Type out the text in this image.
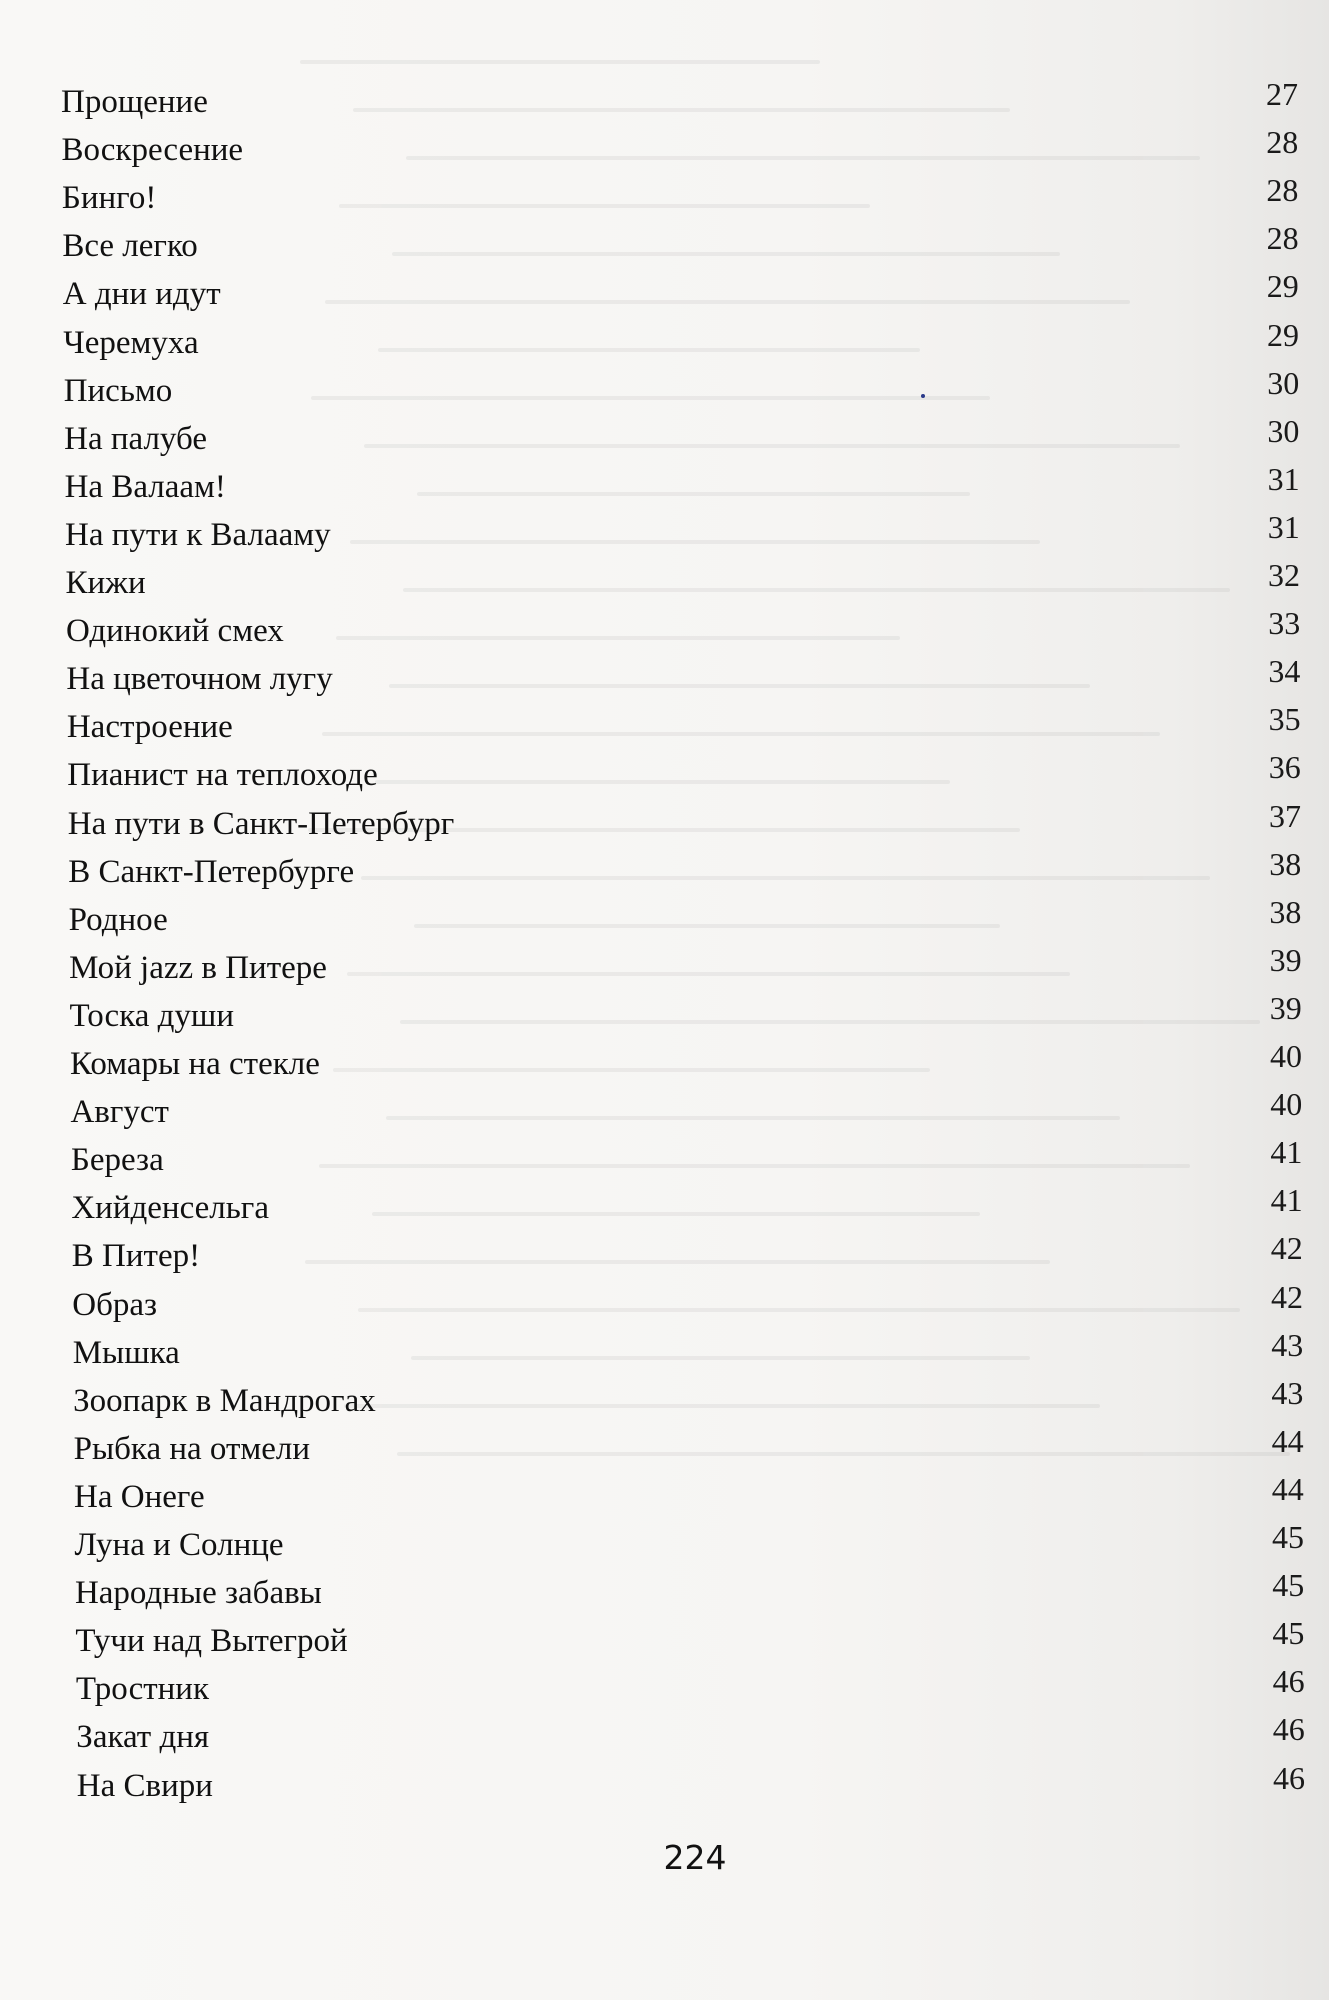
Прощение	27
Воскресение	28
Бинго!	28
Все легко	28
А дни идут	29
Черемуха	29
Письмо	30
На палубе	30
На Валаам!	31
На пути к Валааму	31
Кижи	32
Одинокий смех	33
На цветочном лугу	34
Настроение	35
Пианист на теплоходе	36
На пути в Санкт-Петербург	37
В Санкт-Петербурге	38
Родное	38
Мой jazz в Питере	39
Тоска души	39
Комары на стекле	40
Август	40
Береза	41
Хийденсельга	41
В Питер!	42
Образ	42
Мышка	43
Зоопарк в Мандрогах	43
Рыбка на отмели	44
На Онеге	44
Луна и Солнце	45
Народные забавы	45
Тучи над Вытегрой	45
Тростник	46
Закат дня	46
На Свири	46
224
